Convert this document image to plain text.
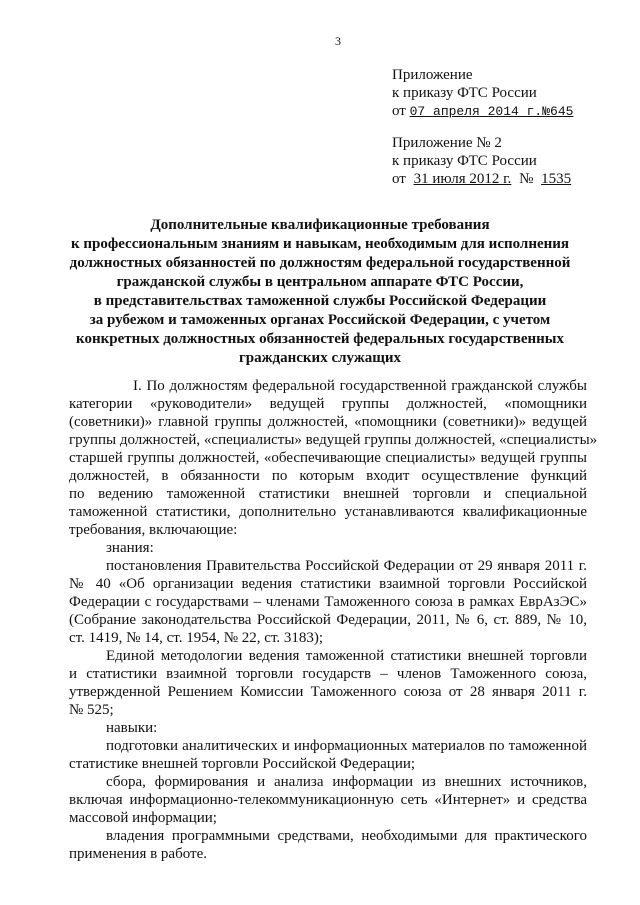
3
Приложение
к приказу ФТС России
от 07 апреля 2014 г.№645
Приложение № 2
к приказу ФТС России
от 31 июля 2012 г. № 1535
Дополнительные квалификационные требования
к профессиональным знаниям и навыкам, необходимым для исполнения
должностных обязанностей по должностям федеральной государственной
гражданской службы в центральном аппарате ФТС России,
в представительствах таможенной службы Российской Федерации
за рубежом и таможенных органах Российской Федерации, с учетом
конкретных должностных обязанностей федеральных государственных
гражданских служащих
I. По должностям федеральной государственной гражданской службы
категории «руководители» ведущей группы должностей, «помощники
(советники)» главной группы должностей, «помощники (советники)» ведущей
группы должностей, «специалисты» ведущей группы должностей, «специалисты»
старшей группы должностей, «обеспечивающие специалисты» ведущей группы
должностей, в обязанности по которым входит осуществление функций
по ведению таможенной статистики внешней торговли и специальной
таможенной статистики, дополнительно устанавливаются квалификационные
требования, включающие:
знания:
постановления Правительства Российской Федерации от 29 января 2011 г.
№ 40 «Об организации ведения статистики взаимной торговли Российской
Федерации с государствами – членами Таможенного союза в рамках ЕврАзЭС»
(Собрание законодательства Российской Федерации, 2011, № 6, ст. 889, № 10,
ст. 1419, № 14, ст. 1954, № 22, ст. 3183);
Единой методологии ведения таможенной статистики внешней торговли
и статистики взаимной торговли государств – членов Таможенного союза,
утвержденной Решением Комиссии Таможенного союза от 28 января 2011 г.
№ 525;
навыки:
подготовки аналитических и информационных материалов по таможенной
статистике внешней торговли Российской Федерации;
сбора, формирования и анализа информации из внешних источников,
включая информационно-телекоммуникационную сеть «Интернет» и средства
массовой информации;
владения программными средствами, необходимыми для практического
применения в работе.
